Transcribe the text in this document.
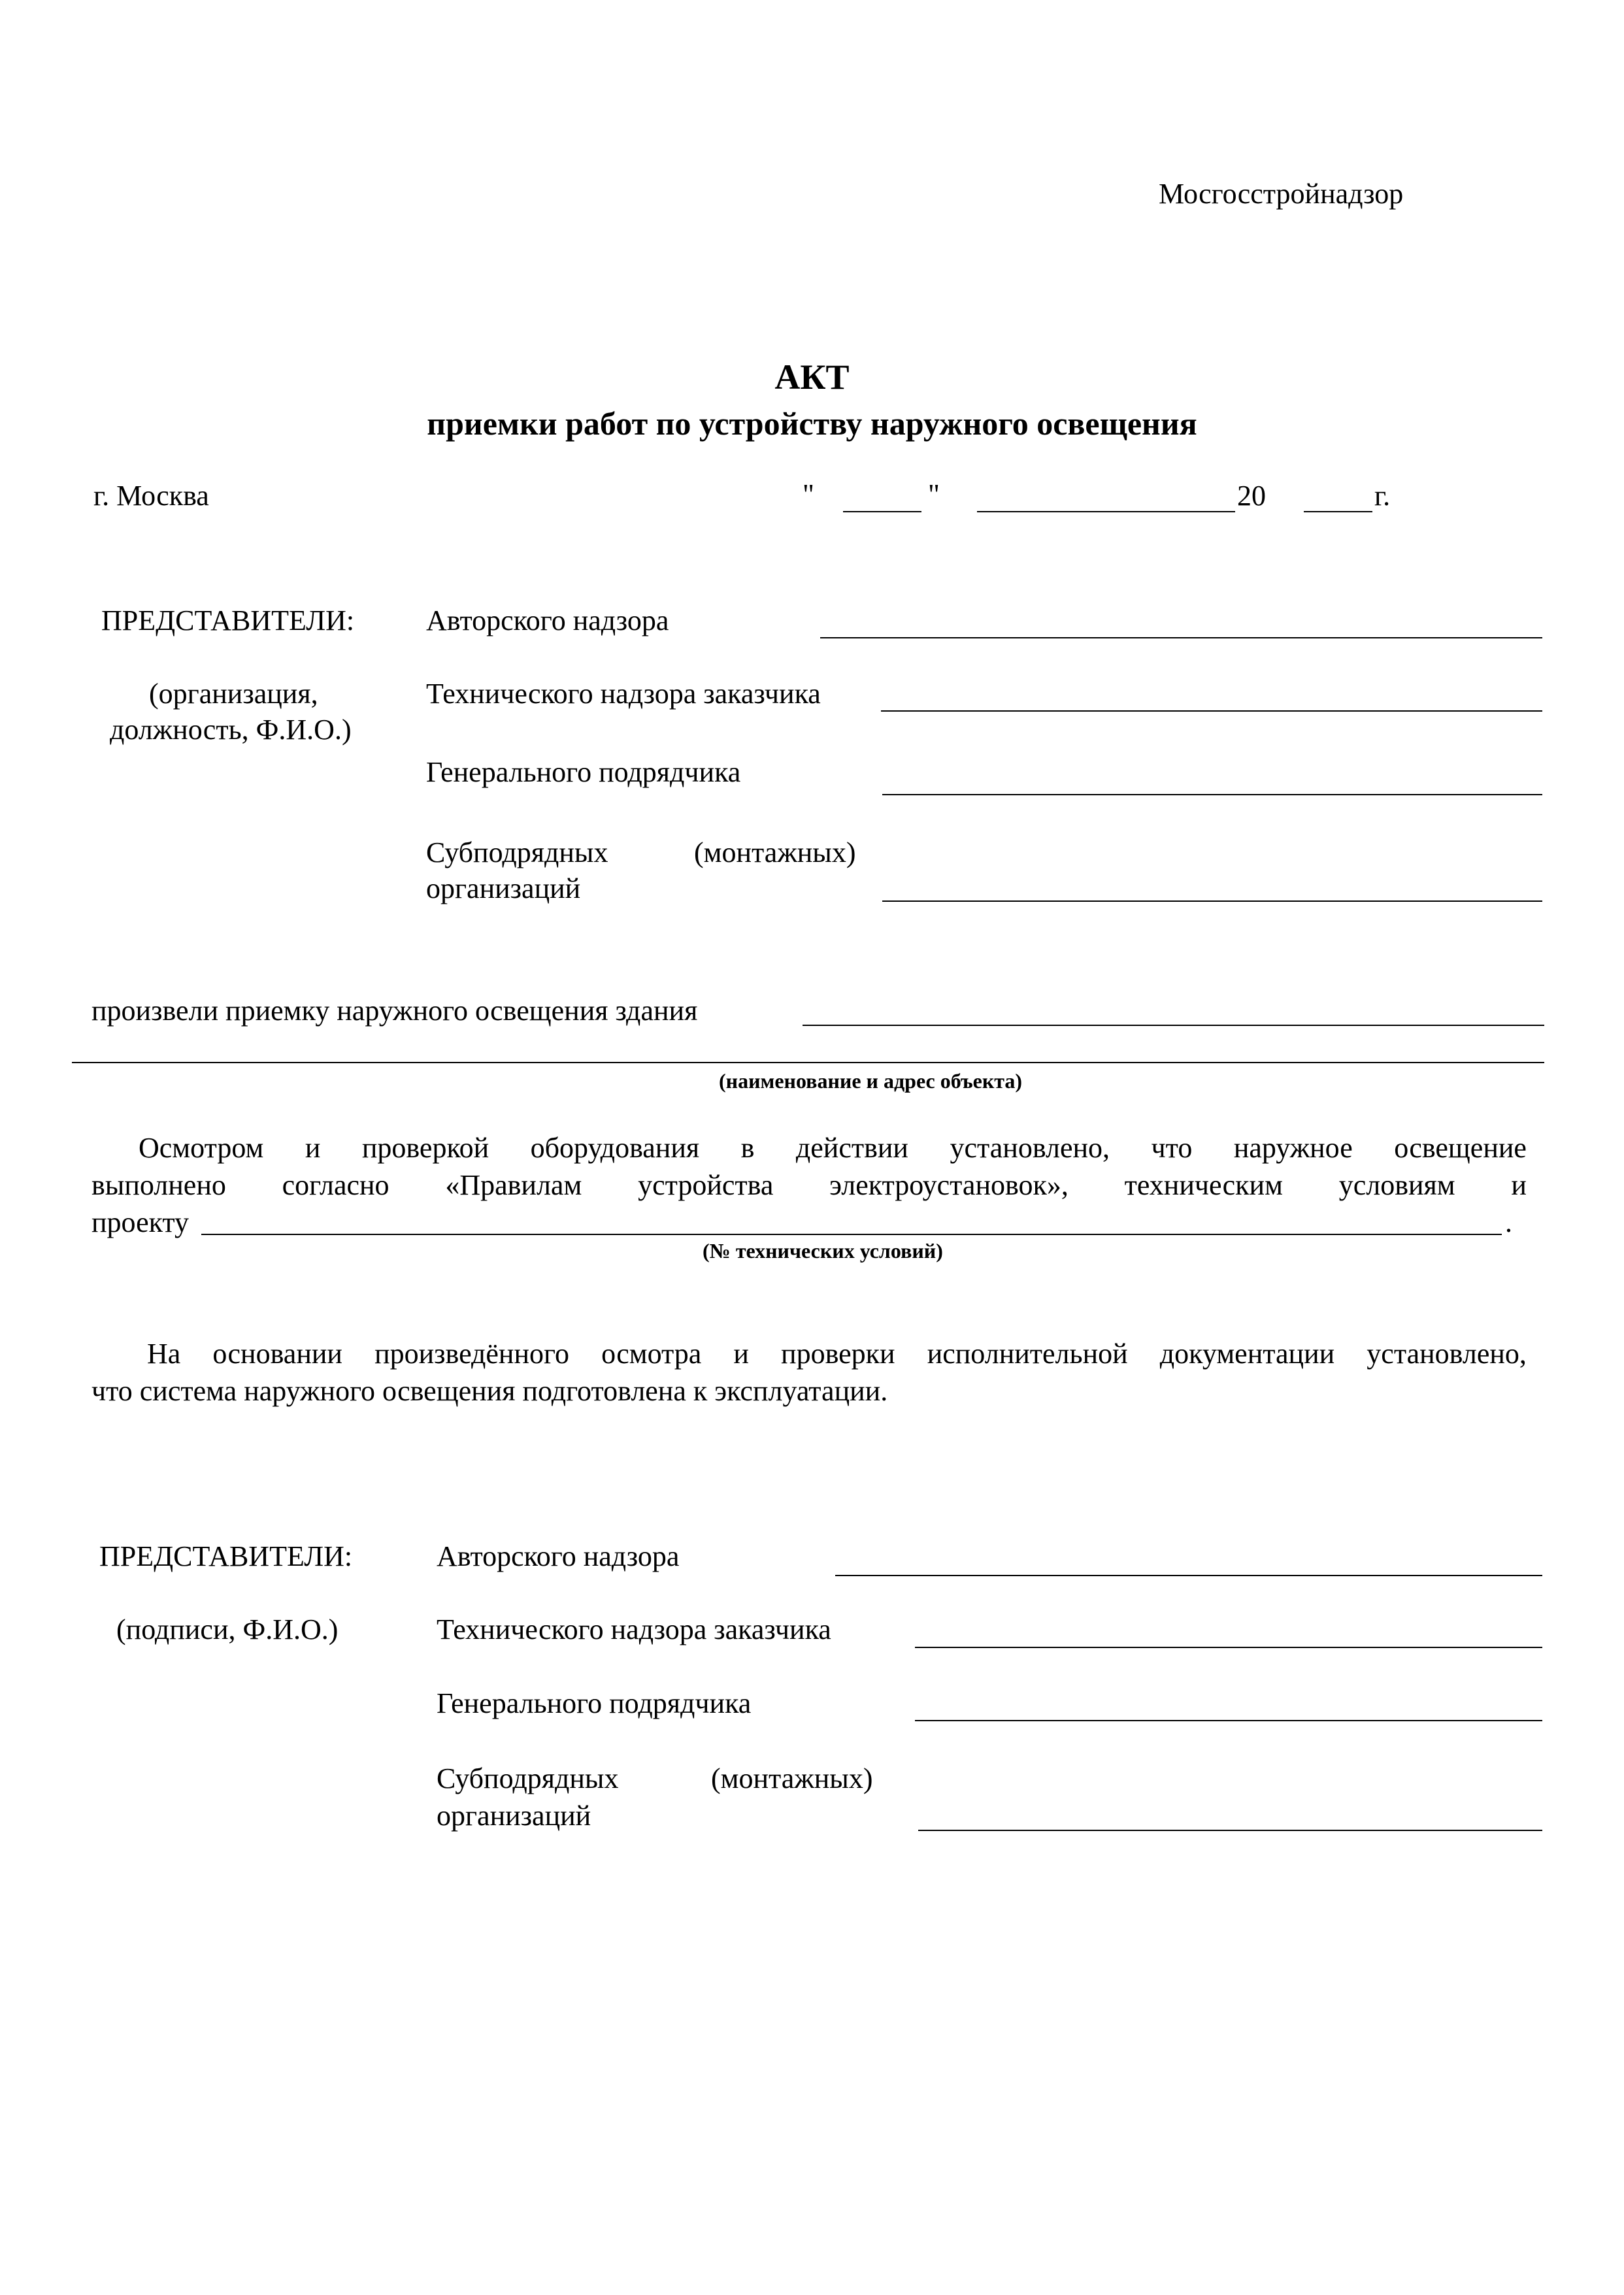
Мосгосстройнадзор
АКТ
приемки работ по устройству наружного освещения
г. Москва	"	"	20	г.
ПРЕДСТАВИТЕЛИ:
(организация,
должность, Ф.И.О.)
Авторского надзора
Технического надзора заказчика
Генерального подрядчика
Субподрядных	(монтажных)
организаций
произвели приемку наружного освещения здания
(наименование и адрес объекта)
Осмотром и проверкой оборудования в действии установлено, что наружное освещение
выполнено согласно «Правилам устройства электроустановок», техническим условиям и
проекту	.
(№ технических условий)
На основании произведённого осмотра и проверки исполнительной документации установлено,
что система наружного освещения подготовлена к эксплуатации.
ПРЕДСТАВИТЕЛИ:
(подписи, Ф.И.О.)
Авторского надзора
Технического надзора заказчика
Генерального подрядчика
Субподрядных	(монтажных)
организаций
